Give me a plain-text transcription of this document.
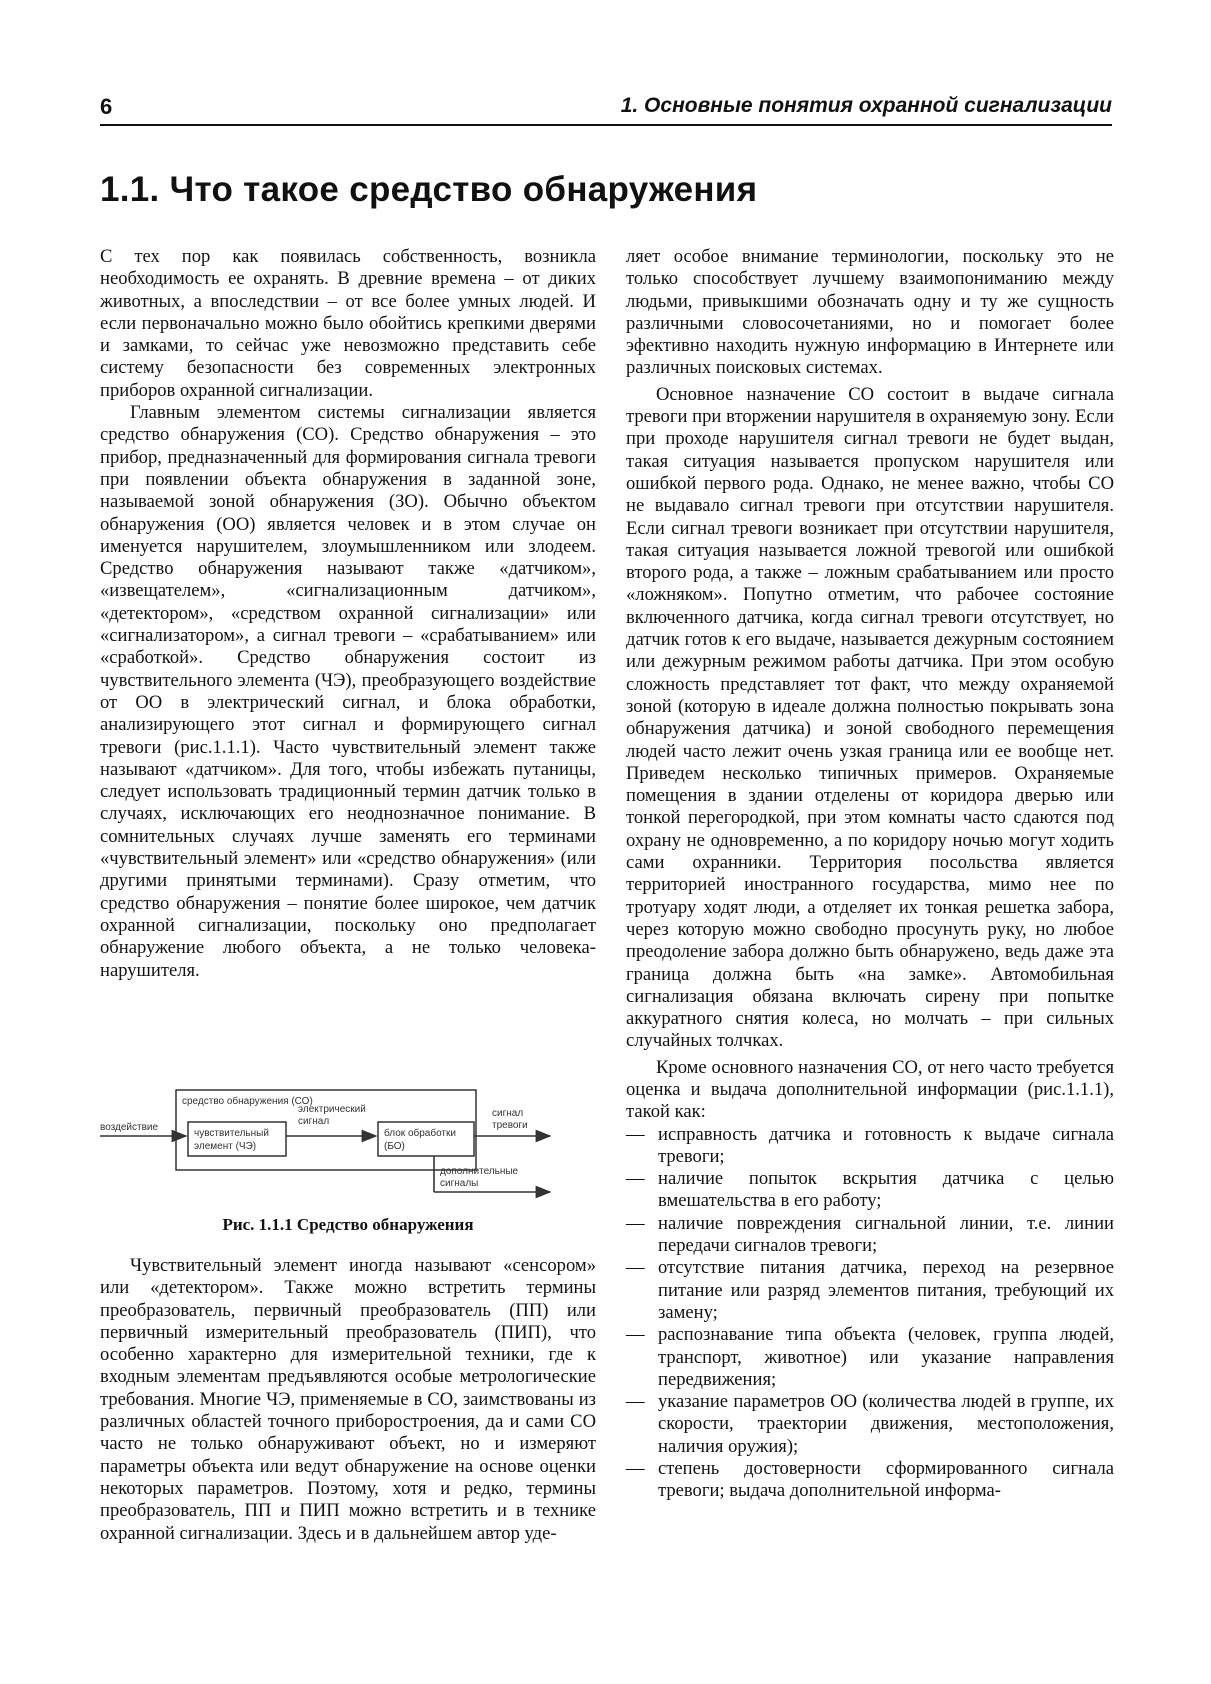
6	1. Основные понятия охранной сигнализации
1.1. Что такое средство обнаружения

С тех пор как появилась собственность, возникла необходимость ее охранять. В древние времена – от диких животных, а впоследствии – от все более умных людей. И если первоначально можно было обойтись крепкими дверями и замками, то сейчас уже невозможно представить себе систему безопасности без современных электронных приборов охранной сигнализации.

Главным элементом системы сигнализации является средство обнаружения (СО). Средство обнаружения – это прибор, предназначенный для формирования сигнала тревоги при появлении объекта обнаружения в заданной зоне, называемой зоной обнаружения (ЗО). Обычно объектом обнаружения (ОО) является человек и в этом случае он именуется нарушителем, злоумышленником или злодеем. Средство обнаружения называют также «датчиком», «извещателем», «сигнализационным датчиком», «детектором», «средством охранной сигнализации» или «сигнализатором», а сигнал тревоги – «срабатыванием» или «сработкой». Средство обнаружения состоит из чувствительного элемента (ЧЭ), преобразующего воздействие от ОО в электрический сигнал, и блока обработки, анализирующего этот сигнал и формирующего сигнал тревоги (рис.1.1.1). Часто чувствительный элемент также называют «датчиком». Для того, чтобы избежать путаницы, следует использовать традиционный термин датчик только в случаях, исключающих его неоднозначное понимание. В сомнительных случаях лучше заменять его терминами «чувствительный элемент» или «средство обнаружения» (или другими принятыми терминами). Сразу отметим, что средство обнаружения – понятие более широкое, чем датчик охранной сигнализации, поскольку оно предполагает обнаружение любого объекта, а не только человека-нарушителя.

средство обнаружения (СО)
воздействие
чувствительный
элемент (ЧЭ)
электрический
сигнал
блок обработки
(БО)
сигнал
тревоги
дополнительные
сигналы
Рис. 1.1.1 Средство обнаружения

Чувствительный элемент иногда называют «сенсором» или «детектором». Также можно встретить термины преобразователь, первичный преобразователь (ПП) или первичный измерительный преобразователь (ПИП), что особенно характерно для измерительной техники, где к входным элементам предъявляются особые метрологические требования. Многие ЧЭ, применяемые в СО, заимствованы из различных областей точного приборостроения, да и сами СО часто не только обнаруживают объект, но и измеряют параметры объекта или ведут обнаружение на основе оценки некоторых параметров. Поэтому, хотя и редко, термины преобразователь, ПП и ПИП можно встретить и в технике охранной сигнализации. Здесь и в дальнейшем автор уде-

ляет особое внимание терминологии, поскольку это не только способствует лучшему взаимопониманию между людьми, привыкшими обозначать одну и ту же сущность различными словосочетаниями, но и помогает более эфективно находить нужную информацию в Интернете или различных поисковых системах.

Основное назначение СО состоит в выдаче сигнала тревоги при вторжении нарушителя в охраняемую зону. Если при проходе нарушителя сигнал тревоги не будет выдан, такая ситуация называется пропуском нарушителя или ошибкой первого рода. Однако, не менее важно, чтобы СО не выдавало сигнал тревоги при отсутствии нарушителя. Если сигнал тревоги возникает при отсутствии нарушителя, такая ситуация называется ложной тревогой или ошибкой второго рода, а также – ложным срабатыванием или просто «ложняком». Попутно отметим, что рабочее состояние включенного датчика, когда сигнал тревоги отсутствует, но датчик готов к его выдаче, называется дежурным состоянием или дежурным режимом работы датчика. При этом особую сложность представляет тот факт, что между охраняемой зоной (которую в идеале должна полностью покрывать зона обнаружения датчика) и зоной свободного перемещения людей часто лежит очень узкая граница или ее вообще нет. Приведем несколько типичных примеров. Охраняемые помещения в здании отделены от коридора дверью или тонкой перегородкой, при этом комнаты часто сдаются под охрану не одновременно, а по коридору ночью могут ходить сами охранники. Территория посольства является территорией иностранного государства, мимо нее по тротуару ходят люди, а отделяет их тонкая решетка забора, через которую можно свободно просунуть руку, но любое преодоление забора должно быть обнаружено, ведь даже эта граница должна быть «на замке». Автомобильная сигнализация обязана включать сирену при попытке аккуратного снятия колеса, но молчать – при сильных случайных толчках.

Кроме основного назначения СО, от него часто требуется оценка и выдача дополнительной информации (рис.1.1.1), такой как:

— исправность датчика и готовность к выдаче сигнала тревоги;
— наличие попыток вскрытия датчика с целью вмешательства в его работу;
— наличие повреждения сигнальной линии, т.е. линии передачи сигналов тревоги;
— отсутствие питания датчика, переход на резервное питание или разряд элементов питания, требующий их замену;
— распознавание типа объекта (человек, группа людей, транспорт, животное) или указание направления передвижения;
— указание параметров ОО (количества людей в группе, их скорости, траектории движения, местоположения, наличия оружия);
— степень достоверности сформированного сигнала тревоги; выдача дополнительной информа-
